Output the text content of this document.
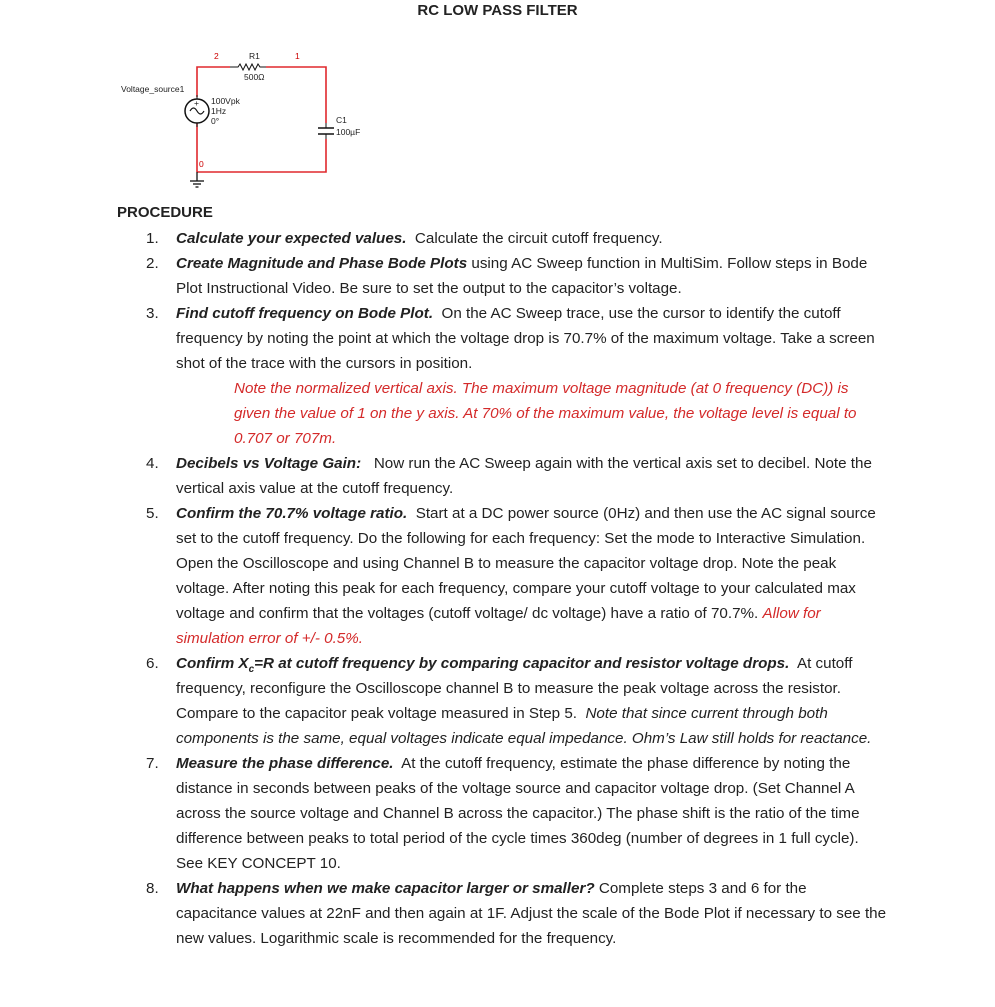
RC LOW PASS FILTER
+
Voltage_source1
100Vpk
1Hz
0°
R1
500Ω
C1
100µF
2	1
0
PROCEDURE
1. Calculate your expected values. Calculate the circuit cutoff frequency.
2. Create Magnitude and Phase Bode Plots using AC Sweep function in MultiSim. Follow steps in Bode Plot Instructional Video. Be sure to set the output to the capacitor’s voltage.
3. Find cutoff frequency on Bode Plot. On the AC Sweep trace, use the cursor to identify the cutoff frequency by noting the point at which the voltage drop is 70.7% of the maximum voltage. Take a screen shot of the trace with the cursors in position.
Note the normalized vertical axis. The maximum voltage magnitude (at 0 frequency (DC)) is given the value of 1 on the y axis. At 70% of the maximum value, the voltage level is equal to 0.707 or 707m.
4. Decibels vs Voltage Gain: Now run the AC Sweep again with the vertical axis set to decibel. Note the vertical axis value at the cutoff frequency.
5. Confirm the 70.7% voltage ratio. Start at a DC power source (0Hz) and then use the AC signal source set to the cutoff frequency. Do the following for each frequency: Set the mode to Interactive Simulation. Open the Oscilloscope and using Channel B to measure the capacitor voltage drop. Note the peak voltage. After noting this peak for each frequency, compare your cutoff voltage to your calculated max voltage and confirm that the voltages (cutoff voltage/ dc voltage) have a ratio of 70.7%. Allow for simulation error of +/- 0.5%.
6. Confirm $X_c=R$ at cutoff frequency by comparing capacitor and resistor voltage drops. At cutoff frequency, reconfigure the Oscilloscope channel B to measure the peak voltage across the resistor. Compare to the capacitor peak voltage measured in Step 5. Note that since current through both components is the same, equal voltages indicate equal impedance. Ohm’s Law still holds for reactance.
7. Measure the phase difference. At the cutoff frequency, estimate the phase difference by noting the distance in seconds between peaks of the voltage source and capacitor voltage drop. (Set Channel A across the source voltage and Channel B across the capacitor.) The phase shift is the ratio of the time difference between peaks to total period of the cycle times 360deg (number of degrees in 1 full cycle). See KEY CONCEPT 10.
8. What happens when we make capacitor larger or smaller? Complete steps 3 and 6 for the capacitance values at 22nF and then again at 1F. Adjust the scale of the Bode Plot if necessary to see the new values. Logarithmic scale is recommended for the frequency.
